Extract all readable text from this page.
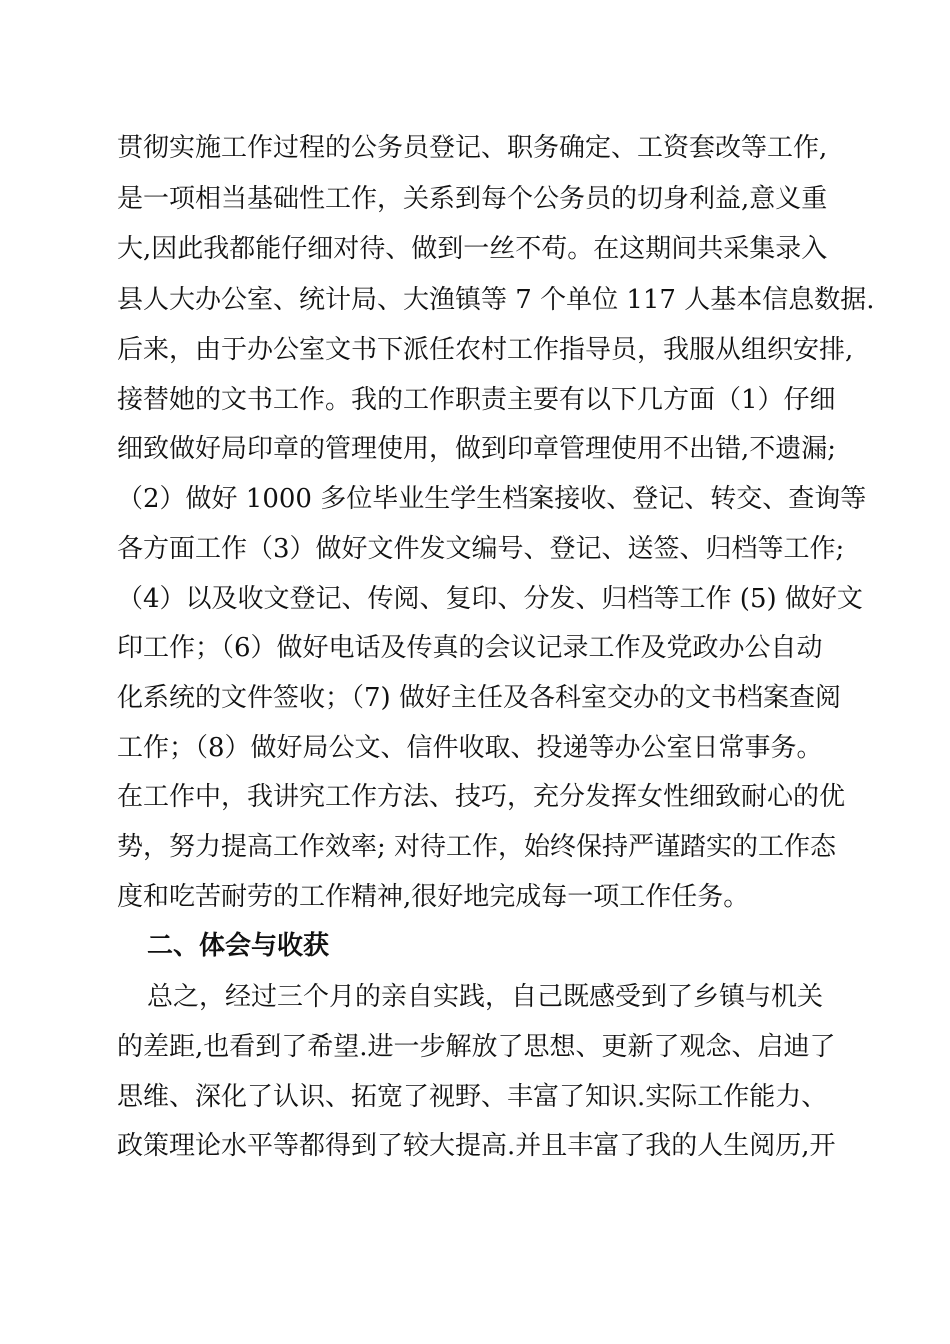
贯彻实施工作过程的公务员登记、职务确定、工资套改等工作,
是一项相当基础性工作，关系到每个公务员的切身利益,意义重
大,因此我都能仔细对待、做到一丝不苟。在这期间共采集录入
县人大办公室、统计局、大渔镇等 7 个单位 117 人基本信息数据.
后来，由于办公室文书下派任农村工作指导员，我服从组织安排,
接替她的文书工作。我的工作职责主要有以下几方面（1）仔细
细致做好局印章的管理使用，做到印章管理使用不出错,不遗漏;
（2）做好 1000 多位毕业生学生档案接收、登记、转交、查询等
各方面工作（3）做好文件发文编号、登记、送签、归档等工作;
（4）以及收文登记、传阅、复印、分发、归档等工作 (5) 做好文
印工作；（6）做好电话及传真的会议记录工作及党政办公自动
化系统的文件签收；（7) 做好主任及各科室交办的文书档案查阅
工作；（8）做好局公文、信件收取、投递等办公室日常事务。
在工作中，我讲究工作方法、技巧，充分发挥女性细致耐心的优
势，努力提高工作效率; 对待工作，始终保持严谨踏实的工作态
度和吃苦耐劳的工作精神,很好地完成每一项工作任务。
二、体会与收获
总之，经过三个月的亲自实践，自己既感受到了乡镇与机关
的差距,也看到了希望.进一步解放了思想、更新了观念、启迪了
思维、深化了认识、拓宽了视野、丰富了知识.实际工作能力、
政策理论水平等都得到了较大提高.并且丰富了我的人生阅历,开
